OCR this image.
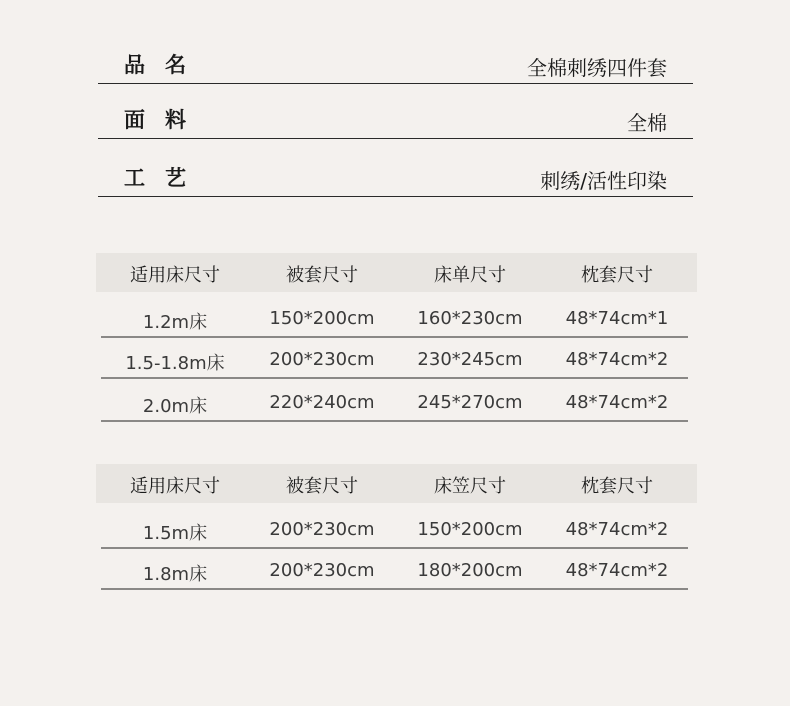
品名	全棉刺绣四件套
面料	全棉
工艺	刺绣/活性印染
适用床尺寸	被套尺寸	床单尺寸	枕套尺寸
1.2m床	150*200cm	160*230cm	48*74cm*1
1.5-1.8m床	200*230cm	230*245cm	48*74cm*2
2.0m床	220*240cm	245*270cm	48*74cm*2
适用床尺寸	被套尺寸	床笠尺寸	枕套尺寸
1.5m床	200*230cm	150*200cm	48*74cm*2
1.8m床	200*230cm	180*200cm	48*74cm*2
